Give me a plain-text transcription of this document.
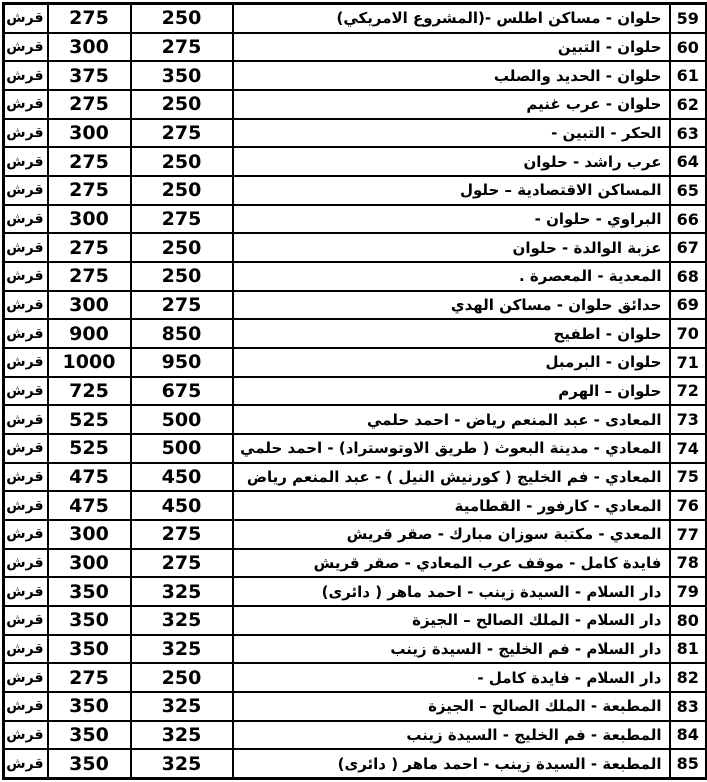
59	حلوان - مساكن اطلس -(المشروع الامريكي)	250	275	قرش
60	حلوان - التبين	275	300	قرش
61	حلوان - الحديد والصلب	350	375	قرش
62	حلوان - عرب غنيم	250	275	قرش
63	الحكر - التبين -	275	300	قرش
64	عرب راشد - حلوان	250	275	قرش
65	المساكن الاقتصادية – حلول	250	275	قرش
66	البراوي - حلوان -	275	300	قرش
67	عزبة الوالدة - حلوان	250	275	قرش
68	المعدية - المعصرة .	250	275	قرش
69	حدائق حلوان - مساكن الهدي	275	300	قرش
70	حلوان - اطفيح	850	900	قرش
71	حلوان - البرمبل	950	1000	قرش
72	حلوان – الهرم	675	725	قرش
73	المعادى - عبد المنعم رياض - احمد حلمي	500	525	قرش
74	المعادي - مدينة البعوث ( طريق الاوتوستراد) - احمد حلمي	500	525	قرش
75	المعادي - فم الخليج ( كورنيش النيل ) - عبد المنعم رياض	450	475	قرش
76	المعادي - كارفور - القطامية	450	475	قرش
77	المعدي - مكتبة سوزان مبارك - صقر قريش	275	300	قرش
78	فايدة كامل - موقف عرب المعادي - صقر قريش	275	300	قرش
79	دار السلام - السيدة زينب - احمد ماهر ( دائرى)	325	350	قرش
80	دار السلام - الملك الصالح – الجيزة	325	350	قرش
81	دار السلام - فم الخليج - السيدة زينب	325	350	قرش
82	دار السلام - فايدة كامل -	250	275	قرش
83	المطبعة - الملك الصالح – الجيزة	325	350	قرش
84	المطبعة - فم الخليج - السيدة زينب	325	350	قرش
85	المطبعة - السيدة زينب - احمد ماهر ( دائرى)	325	350	قرش
